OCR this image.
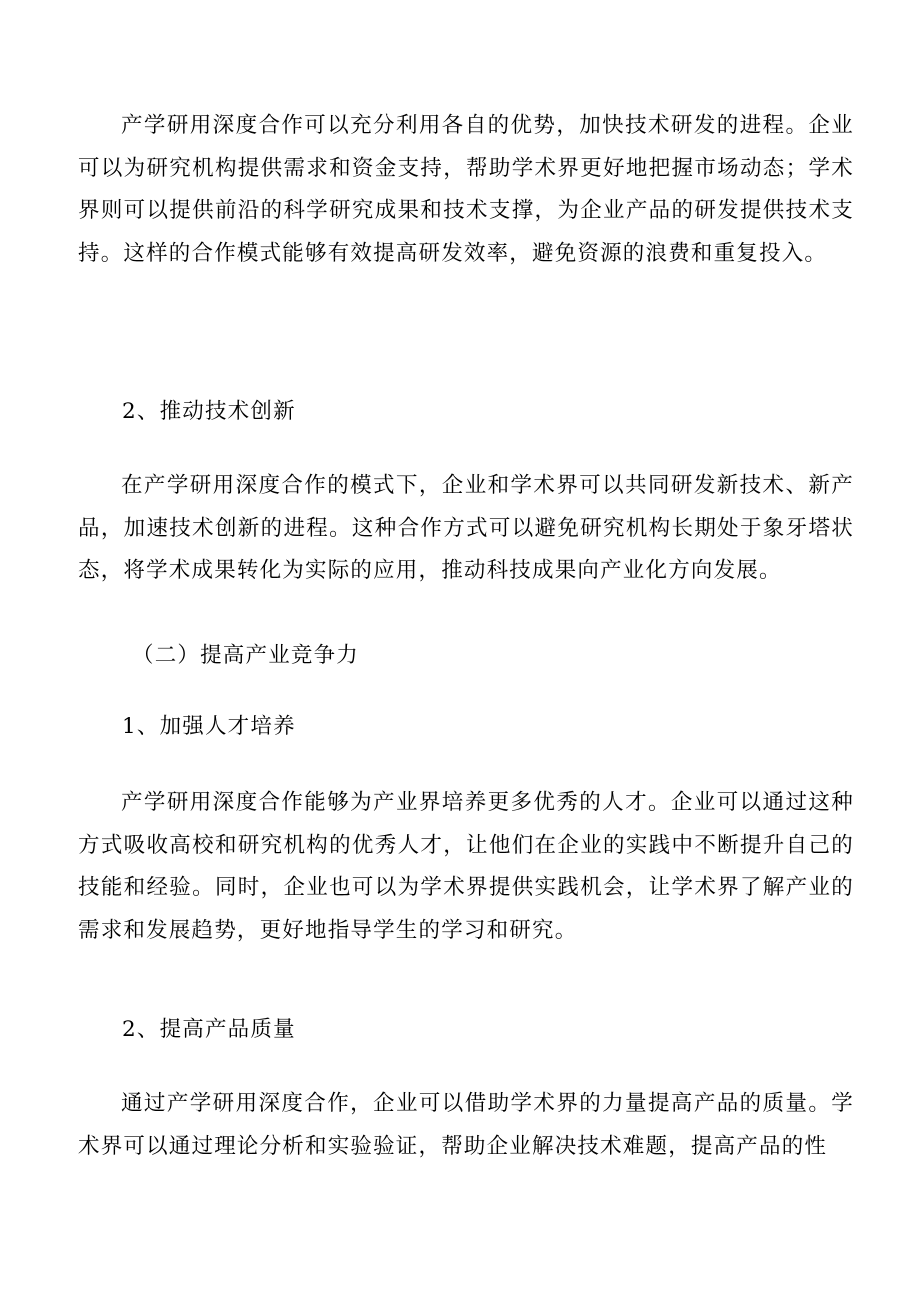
产学研用深度合作可以充分利用各自的优势，加快技术研发的进程。企业可以为研究机构提供需求和资金支持，帮助学术界更好地把握市场动态；学术界则可以提供前沿的科学研究成果和技术支撑，为企业产品的研发提供技术支持。这样的合作模式能够有效提高研发效率，避免资源的浪费和重复投入。

2、推动技术创新

在产学研用深度合作的模式下，企业和学术界可以共同研发新技术、新产品，加速技术创新的进程。这种合作方式可以避免研究机构长期处于象牙塔状态，将学术成果转化为实际的应用，推动科技成果向产业化方向发展。

（二）提高产业竞争力

1、加强人才培养

产学研用深度合作能够为产业界培养更多优秀的人才。企业可以通过这种方式吸收高校和研究机构的优秀人才，让他们在企业的实践中不断提升自己的技能和经验。同时，企业也可以为学术界提供实践机会，让学术界了解产业的需求和发展趋势，更好地指导学生的学习和研究。

2、提高产品质量

通过产学研用深度合作，企业可以借助学术界的力量提高产品的质量。学术界可以通过理论分析和实验验证，帮助企业解决技术难题，提高产品的性
